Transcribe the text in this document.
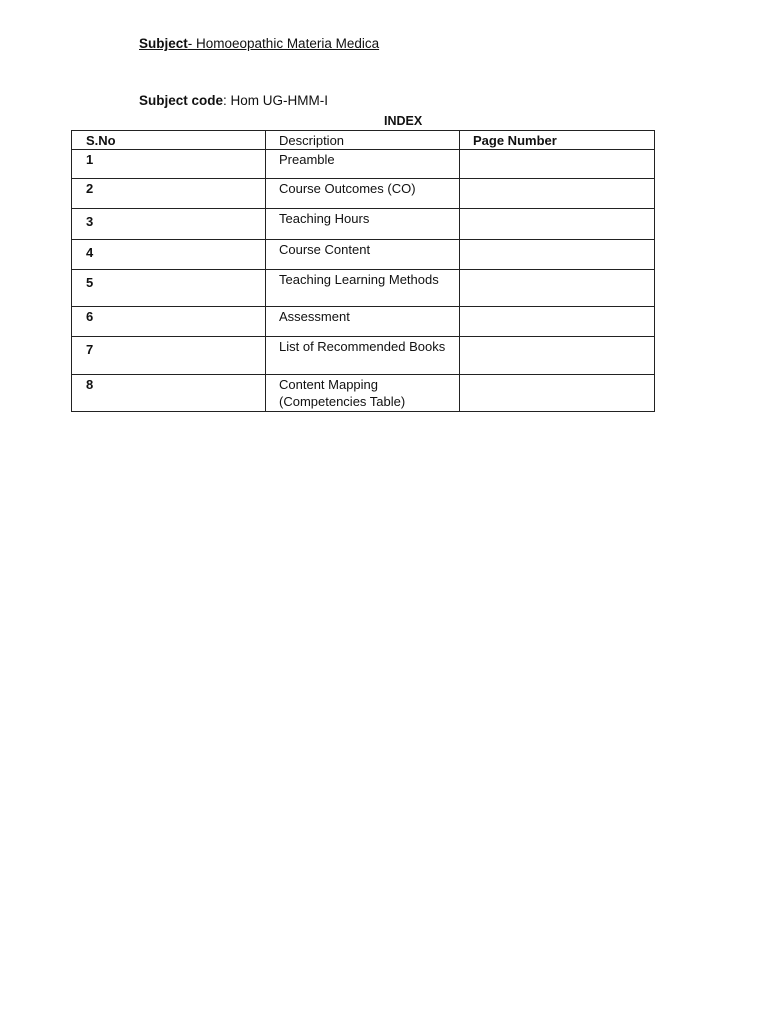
Subject- Homoeopathic Materia Medica
Subject code: Hom UG-HMM-I
INDEX
S.No	Description	Page Number

1	Preamble	

2	Course Outcomes (CO)	

3	Teaching Hours	

4	Course Content	

5	Teaching Learning Methods	

6	Assessment	

7	List of Recommended Books	

8	Content Mapping (Competencies Table)	
